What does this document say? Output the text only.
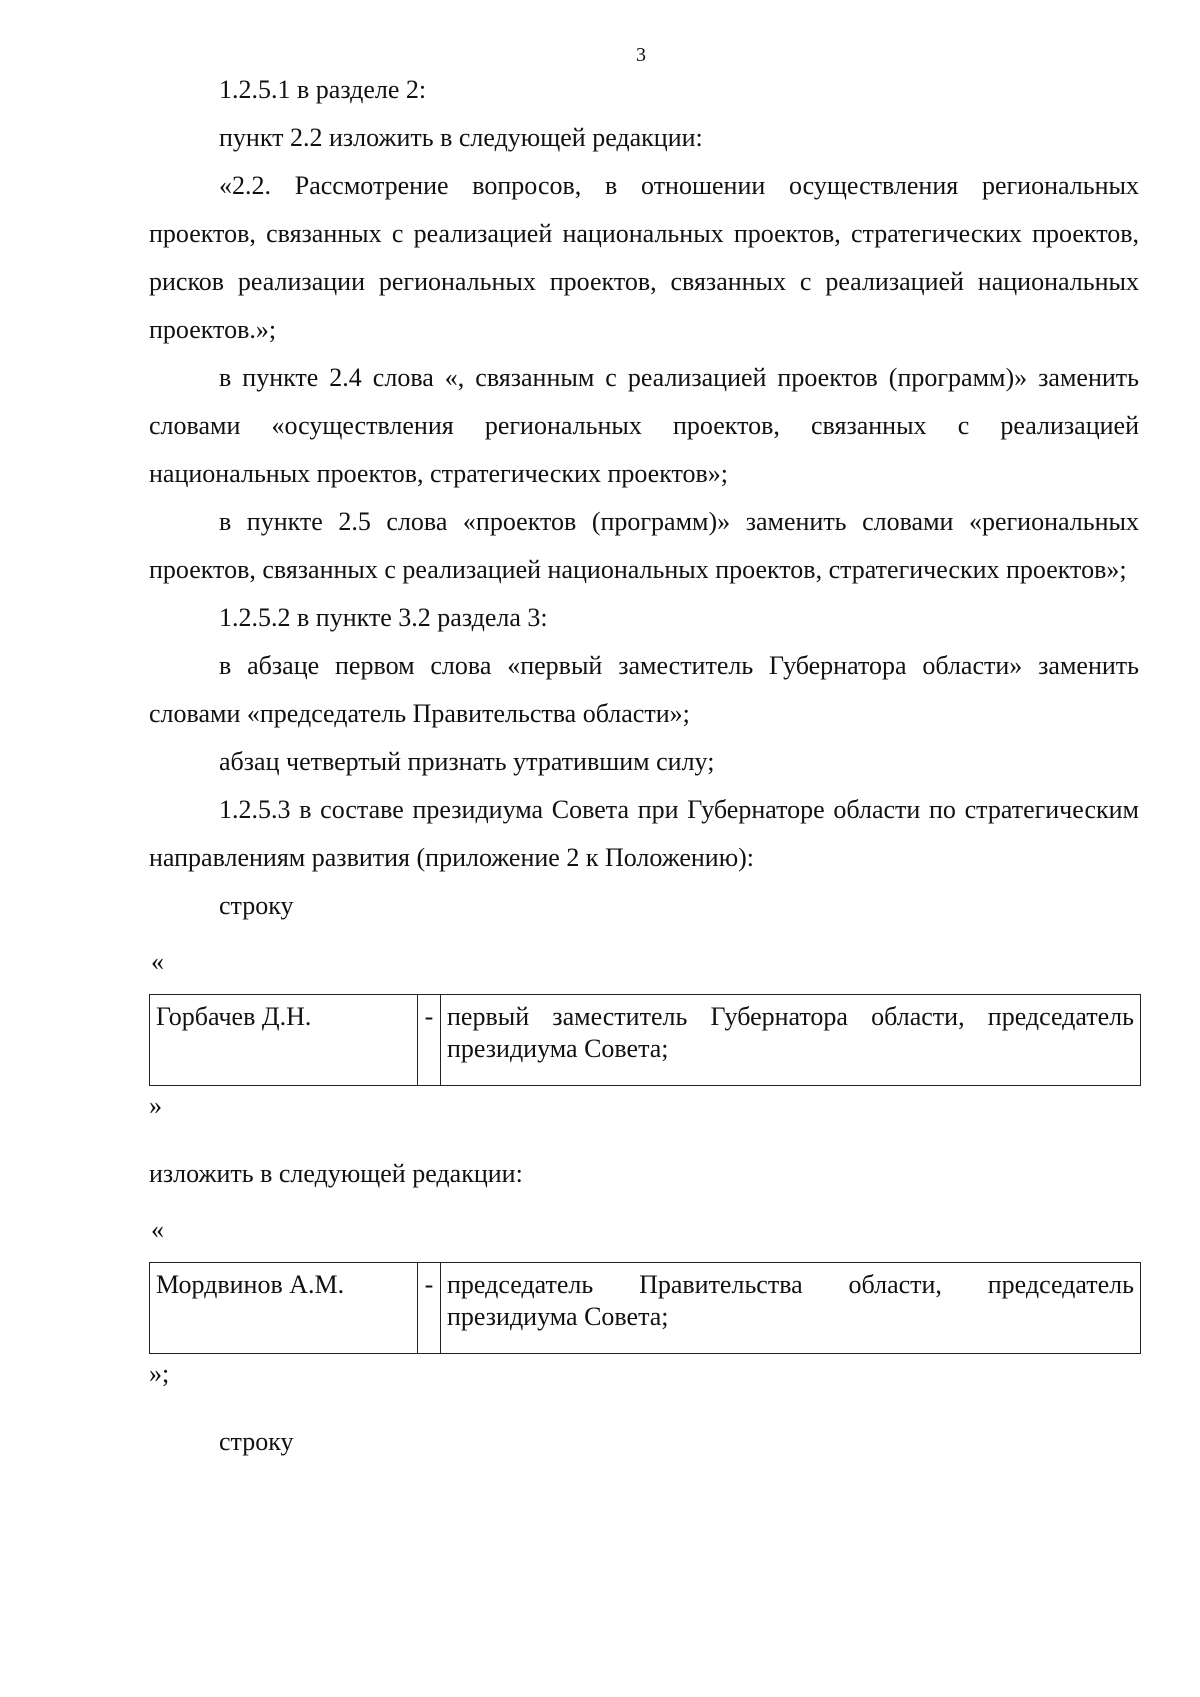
3

1.2.5.1 в разделе 2:

пункт 2.2 изложить в следующей редакции:

«2.2. Рассмотрение вопросов, в отношении осуществления региональных проектов, связанных с реализацией национальных проектов, стратегических проектов, рисков реализации региональных проектов, связанных с реализацией национальных проектов.»;

в пункте 2.4 слова «, связанным с реализацией проектов (программ)» заменить словами «осуществления региональных проектов, связанных с реализацией национальных проектов, стратегических проектов»;

в пункте 2.5 слова «проектов (программ)» заменить словами «региональных проектов, связанных с реализацией национальных проектов, стратегических проектов»;

1.2.5.2 в пункте 3.2 раздела 3:

в абзаце первом слова «первый заместитель Губернатора области» заменить словами «председатель Правительства области»;

абзац четвертый признать утратившим силу;

1.2.5.3 в составе президиума Совета при Губернаторе области по стратегическим направлениям развития (приложение 2 к Положению):

строку

«

Горбачев Д.Н.	-	первый заместитель Губернатора области, председатель президиума Совета;

»

изложить в следующей редакции:

«

Мордвинов А.М.	-	председатель Правительства области, председатель президиума Совета;

»;

строку
